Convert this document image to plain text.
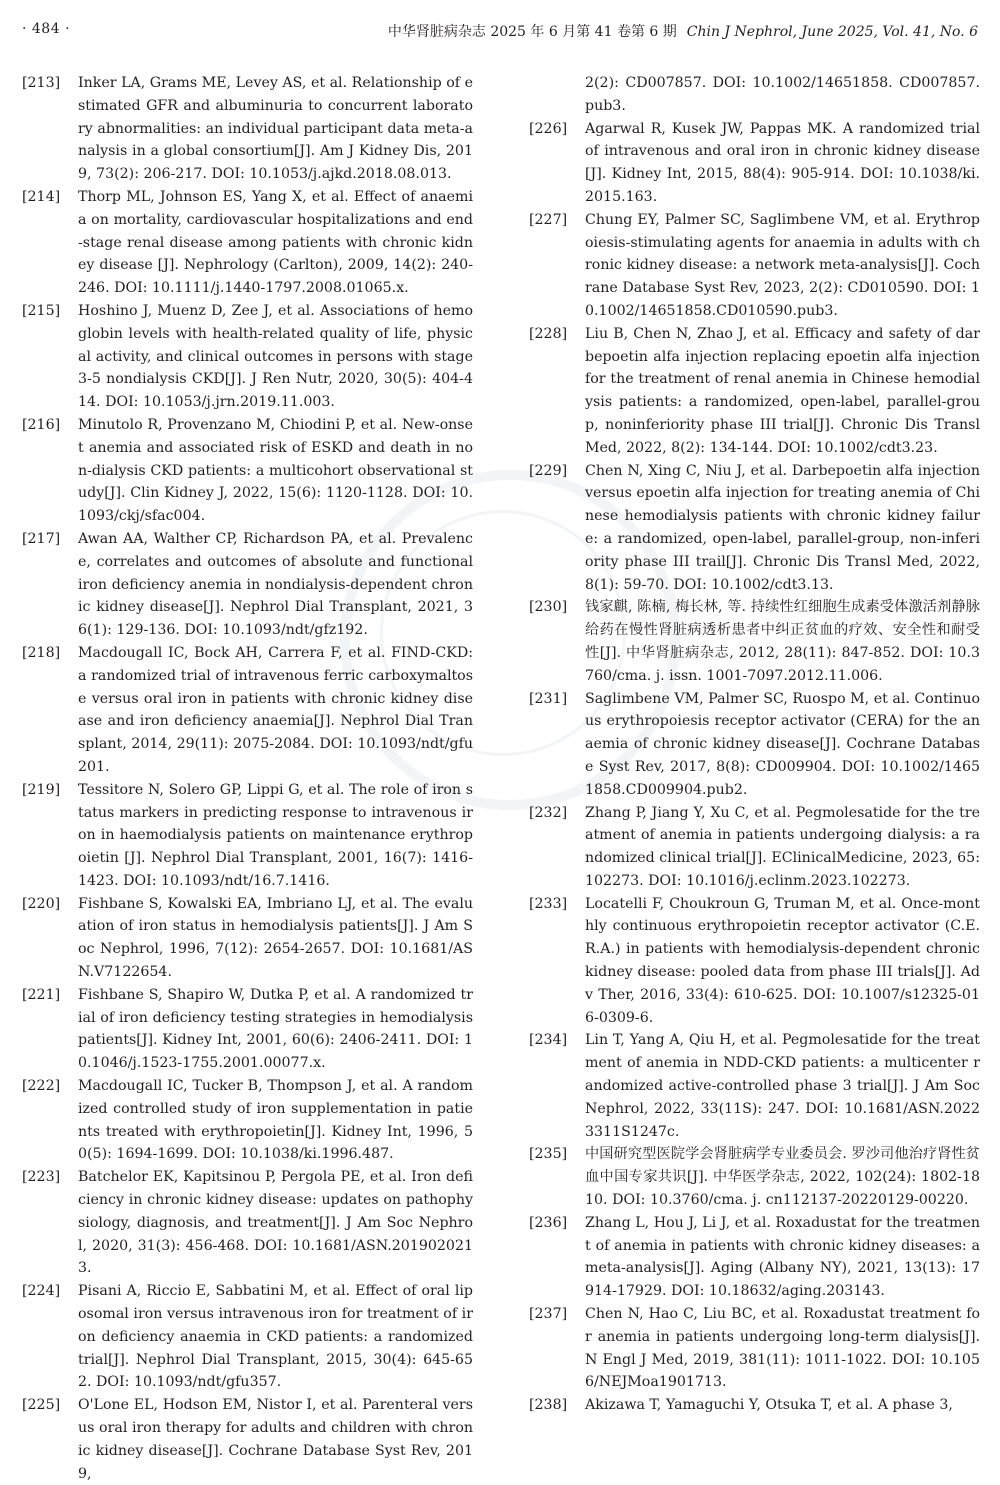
· 484 ·	中华肾脏病杂志 2025 年 6 月第 41 卷第 6 期 Chin J Nephrol, June 2025, Vol. 41, No. 6
[213]	Inker LA, Grams ME, Levey AS, et al. Relationship of estimated GFR and albuminuria to concurrent laboratory abnormalities: an individual participant data meta-analysis in a global consortium[J]. Am J Kidney Dis, 2019, 73(2): 206-217. DOI: 10.1053/j.ajkd.2018.08.013.
[214]	Thorp ML, Johnson ES, Yang X, et al. Effect of anaemia on mortality, cardiovascular hospitalizations and end-stage renal disease among patients with chronic kidney disease [J]. Nephrology (Carlton), 2009, 14(2): 240-246. DOI: 10.1111/j.1440-1797.2008.01065.x.
[215]	Hoshino J, Muenz D, Zee J, et al. Associations of hemoglobin levels with health-related quality of life, physical activity, and clinical outcomes in persons with stage 3-5 nondialysis CKD[J]. J Ren Nutr, 2020, 30(5): 404-414. DOI: 10.1053/j.jrn.2019.11.003.
[216]	Minutolo R, Provenzano M, Chiodini P, et al. New-onset anemia and associated risk of ESKD and death in non-dialysis CKD patients: a multicohort observational study[J]. Clin Kidney J, 2022, 15(6): 1120-1128. DOI: 10.1093/ckj/sfac004.
[217]	Awan AA, Walther CP, Richardson PA, et al. Prevalence, correlates and outcomes of absolute and functional iron deficiency anemia in nondialysis-dependent chronic kidney disease[J]. Nephrol Dial Transplant, 2021, 36(1): 129-136. DOI: 10.1093/ndt/gfz192.
[218]	Macdougall IC, Bock AH, Carrera F, et al. FIND-CKD: a randomized trial of intravenous ferric carboxymaltose versus oral iron in patients with chronic kidney disease and iron deficiency anaemia[J]. Nephrol Dial Transplant, 2014, 29(11): 2075-2084. DOI: 10.1093/ndt/gfu201.
[219]	Tessitore N, Solero GP, Lippi G, et al. The role of iron status markers in predicting response to intravenous iron in haemodialysis patients on maintenance erythropoietin [J]. Nephrol Dial Transplant, 2001, 16(7): 1416-1423. DOI: 10.1093/ndt/16.7.1416.
[220]	Fishbane S, Kowalski EA, Imbriano LJ, et al. The evaluation of iron status in hemodialysis patients[J]. J Am Soc Nephrol, 1996, 7(12): 2654-2657. DOI: 10.1681/ASN.V7122654.
[221]	Fishbane S, Shapiro W, Dutka P, et al. A randomized trial of iron deficiency testing strategies in hemodialysis patients[J]. Kidney Int, 2001, 60(6): 2406-2411. DOI: 10.1046/j.1523-1755.2001.00077.x.
[222]	Macdougall IC, Tucker B, Thompson J, et al. A randomized controlled study of iron supplementation in patients treated with erythropoietin[J]. Kidney Int, 1996, 50(5): 1694-1699. DOI: 10.1038/ki.1996.487.
[223]	Batchelor EK, Kapitsinou P, Pergola PE, et al. Iron deficiency in chronic kidney disease: updates on pathophysiology, diagnosis, and treatment[J]. J Am Soc Nephrol, 2020, 31(3): 456-468. DOI: 10.1681/ASN.2019020213.
[224]	Pisani A, Riccio E, Sabbatini M, et al. Effect of oral liposomal iron versus intravenous iron for treatment of iron deficiency anaemia in CKD patients: a randomized trial[J]. Nephrol Dial Transplant, 2015, 30(4): 645-652. DOI: 10.1093/ndt/gfu357.
[225]	O'Lone EL, Hodson EM, Nistor I, et al. Parenteral versus oral iron therapy for adults and children with chronic kidney disease[J]. Cochrane Database Syst Rev, 2019,
2(2): CD007857. DOI: 10.1002/14651858. CD007857.pub3.
[226]	Agarwal R, Kusek JW, Pappas MK. A randomized trial of intravenous and oral iron in chronic kidney disease[J]. Kidney Int, 2015, 88(4): 905-914. DOI: 10.1038/ki.2015.163.
[227]	Chung EY, Palmer SC, Saglimbene VM, et al. Erythropoiesis-stimulating agents for anaemia in adults with chronic kidney disease: a network meta-analysis[J]. Cochrane Database Syst Rev, 2023, 2(2): CD010590. DOI: 10.1002/14651858.CD010590.pub3.
[228]	Liu B, Chen N, Zhao J, et al. Efficacy and safety of darbepoetin alfa injection replacing epoetin alfa injection for the treatment of renal anemia in Chinese hemodialysis patients: a randomized, open-label, parallel-group, noninferiority phase III trial[J]. Chronic Dis Transl Med, 2022, 8(2): 134-144. DOI: 10.1002/cdt3.23.
[229]	Chen N, Xing C, Niu J, et al. Darbepoetin alfa injection versus epoetin alfa injection for treating anemia of Chinese hemodialysis patients with chronic kidney failure: a randomized, open-label, parallel-group, non-inferiority phase III trail[J]. Chronic Dis Transl Med, 2022, 8(1): 59-70. DOI: 10.1002/cdt3.13.
[230]	钱家麒, 陈楠, 梅长林, 等. 持续性红细胞生成素受体激活剂静脉给药在慢性肾脏病透析患者中纠正贫血的疗效、安全性和耐受性[J]. 中华肾脏病杂志, 2012, 28(11): 847-852. DOI: 10.3760/cma. j. issn. 1001-7097.2012.11.006.
[231]	Saglimbene VM, Palmer SC, Ruospo M, et al. Continuous erythropoiesis receptor activator (CERA) for the anaemia of chronic kidney disease[J]. Cochrane Database Syst Rev, 2017, 8(8): CD009904. DOI: 10.1002/14651858.CD009904.pub2.
[232]	Zhang P, Jiang Y, Xu C, et al. Pegmolesatide for the treatment of anemia in patients undergoing dialysis: a randomized clinical trial[J]. EClinicalMedicine, 2023, 65: 102273. DOI: 10.1016/j.eclinm.2023.102273.
[233]	Locatelli F, Choukroun G, Truman M, et al. Once-monthly continuous erythropoietin receptor activator (C.E.R.A.) in patients with hemodialysis-dependent chronic kidney disease: pooled data from phase III trials[J]. Adv Ther, 2016, 33(4): 610-625. DOI: 10.1007/s12325-016-0309-6.
[234]	Lin T, Yang A, Qiu H, et al. Pegmolesatide for the treatment of anemia in NDD-CKD patients: a multicenter randomized active-controlled phase 3 trial[J]. J Am Soc Nephrol, 2022, 33(11S): 247. DOI: 10.1681/ASN.20223311S1247c.
[235]	中国研究型医院学会肾脏病学专业委员会. 罗沙司他治疗肾性贫血中国专家共识[J]. 中华医学杂志, 2022, 102(24): 1802-1810. DOI: 10.3760/cma. j. cn112137-20220129-00220.
[236]	Zhang L, Hou J, Li J, et al. Roxadustat for the treatment of anemia in patients with chronic kidney diseases: a meta-analysis[J]. Aging (Albany NY), 2021, 13(13): 17914-17929. DOI: 10.18632/aging.203143.
[237]	Chen N, Hao C, Liu BC, et al. Roxadustat treatment for anemia in patients undergoing long-term dialysis[J]. N Engl J Med, 2019, 381(11): 1011-1022. DOI: 10.1056/NEJMoa1901713.
[238]	Akizawa T, Yamaguchi Y, Otsuka T, et al. A phase 3,
